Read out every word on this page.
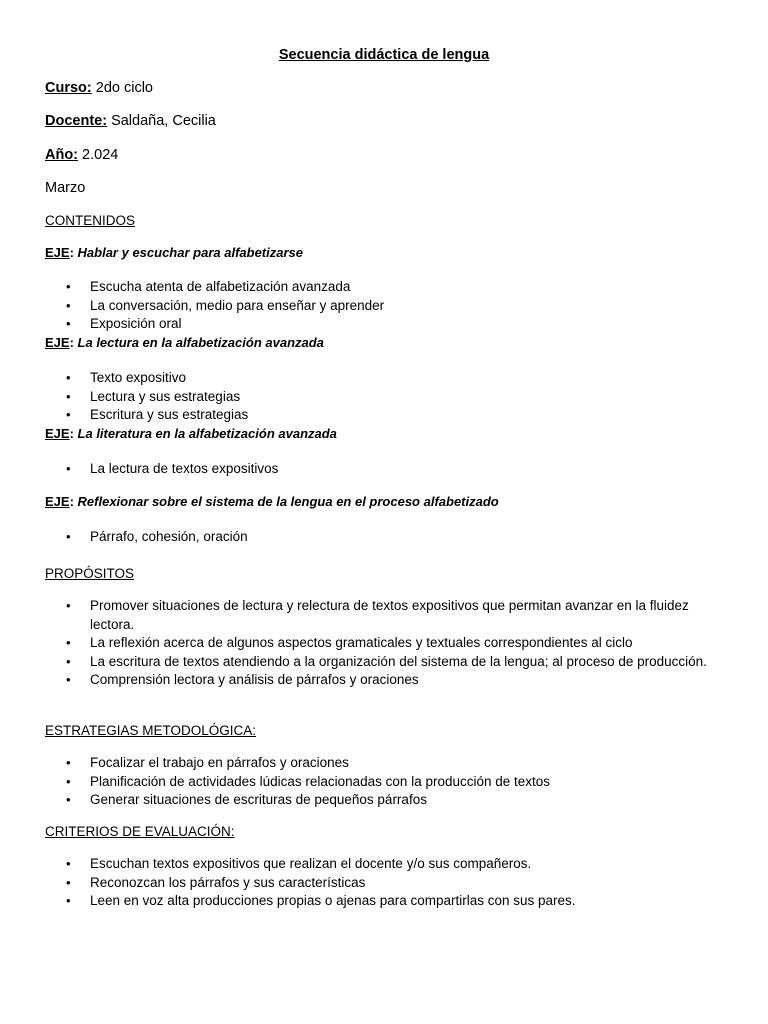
Secuencia didáctica de lengua
Curso: 2do ciclo
Docente: Saldaña, Cecilia
Año: 2.024
Marzo
CONTENIDOS
EJE: Hablar y escuchar para alfabetizarse
• Escucha atenta de alfabetización avanzada
• La conversación, medio para enseñar y aprender
• Exposición oral
EJE: La lectura en la alfabetización avanzada
• Texto expositivo
• Lectura y sus estrategias
• Escritura y sus estrategias
EJE: La literatura en la alfabetización avanzada
• La lectura de textos expositivos
EJE: Reflexionar sobre el sistema de la lengua en el proceso alfabetizado
• Párrafo, cohesión, oración
PROPÓSITOS
• Promover situaciones de lectura y relectura de textos expositivos que permitan avanzar en la fluidez lectora.
• La reflexión acerca de algunos aspectos gramaticales y textuales correspondientes al ciclo
• La escritura de textos atendiendo a la organización del sistema de la lengua; al proceso de producción.
• Comprensión lectora y análisis de párrafos y oraciones
ESTRATEGIAS METODOLÓGICA:
• Focalizar el trabajo en párrafos y oraciones
• Planificación de actividades lúdicas relacionadas con la producción de textos
• Generar situaciones de escrituras de pequeños párrafos
CRITERIOS DE EVALUACIÓN:
• Escuchan textos expositivos que realizan el docente y/o sus compañeros.
• Reconozcan los párrafos y sus características
• Leen en voz alta producciones propias o ajenas para compartirlas con sus pares.
